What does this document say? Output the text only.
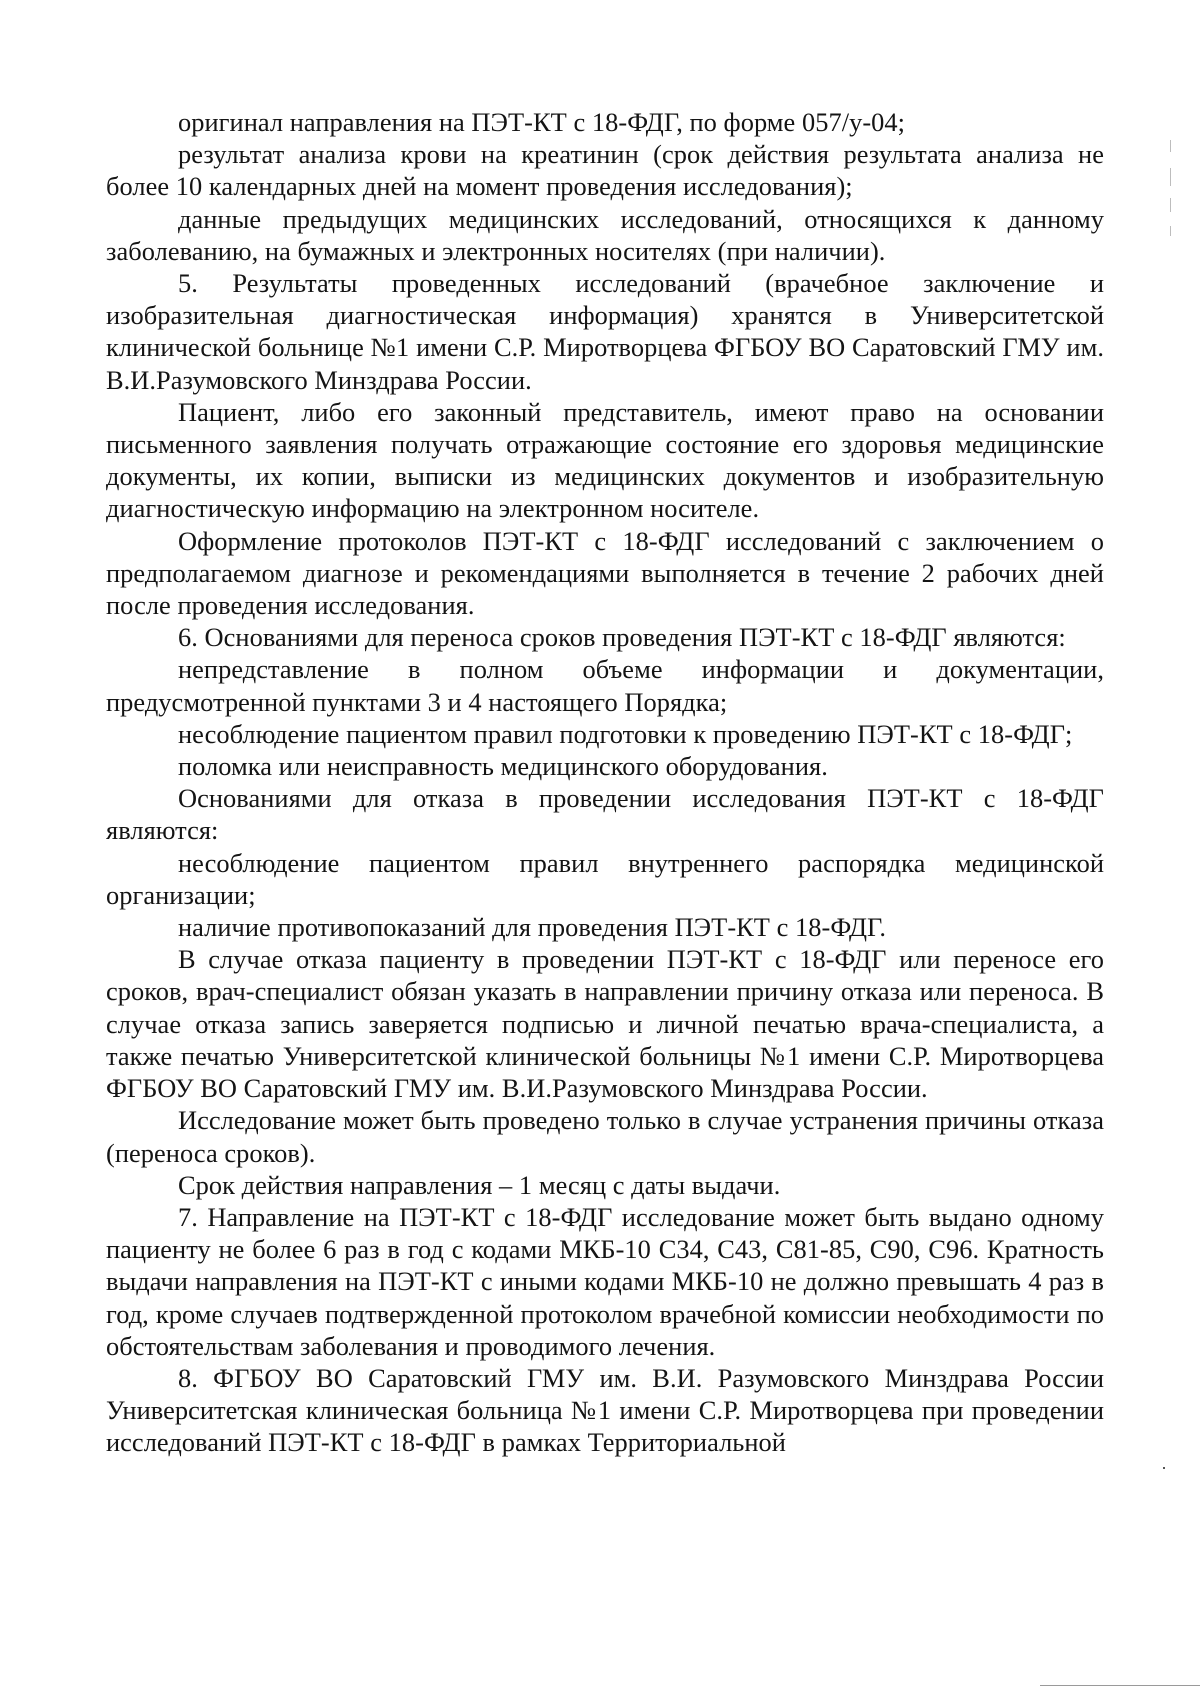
оригинал направления на ПЭТ-КТ с 18-ФДГ, по форме 057/у-04;

результат анализа крови на креатинин (срок действия результата анализа не более 10 календарных дней на момент проведения исследования);

данные предыдущих медицинских исследований, относящихся к данному заболеванию, на бумажных и электронных носителях (при наличии).

5. Результаты проведенных исследований (врачебное заключение и изобразительная диагностическая информация) хранятся в Университетской клинической больнице №1 имени С.Р. Миротворцева ФГБОУ ВО Саратовский ГМУ им. В.И.Разумовского Минздрава России.

Пациент, либо его законный представитель, имеют право на основании письменного заявления получать отражающие состояние его здоровья медицинские документы, их копии, выписки из медицинских документов и изобразительную диагностическую информацию на электронном носителе.

Оформление протоколов ПЭТ-КТ с 18-ФДГ исследований с заключением о предполагаемом диагнозе и рекомендациями выполняется в течение 2 рабочих дней после проведения исследования.

6. Основаниями для переноса сроков проведения ПЭТ-КТ с 18-ФДГ являются:

непредставление в полном объеме информации и документации, предусмотренной пунктами 3 и 4 настоящего Порядка;

несоблюдение пациентом правил подготовки к проведению ПЭТ-КТ с 18-ФДГ;

поломка или неисправность медицинского оборудования.

Основаниями для отказа в проведении исследования ПЭТ-КТ с 18-ФДГ являются:

несоблюдение пациентом правил внутреннего распорядка медицинской организации;

наличие противопоказаний для проведения ПЭТ-КТ с 18-ФДГ.

В случае отказа пациенту в проведении ПЭТ-КТ с 18-ФДГ или переносе его сроков, врач-специалист обязан указать в направлении причину отказа или переноса. В случае отказа запись заверяется подписью и личной печатью врача-специалиста, а также печатью Университетской клинической больницы №1 имени С.Р. Миротворцева ФГБОУ ВО Саратовский ГМУ им. В.И.Разумовского Минздрава России.

Исследование может быть проведено только в случае устранения причины отказа (переноса сроков).

Срок действия направления – 1 месяц с даты выдачи.

7. Направление на ПЭТ-КТ с 18-ФДГ исследование может быть выдано одному пациенту не более 6 раз в год с кодами МКБ-10 С34, С43, С81-85, С90, С96. Кратность выдачи направления на ПЭТ-КТ с иными кодами МКБ-10 не должно превышать 4 раз в год, кроме случаев подтвержденной протоколом врачебной комиссии необходимости по обстоятельствам заболевания и проводимого лечения.

8. ФГБОУ ВО Саратовский ГМУ им. В.И. Разумовского Минздрава России Университетская клиническая больница №1 имени С.Р. Миротворцева при проведении исследований ПЭТ-КТ с 18-ФДГ в рамках Территориальной
